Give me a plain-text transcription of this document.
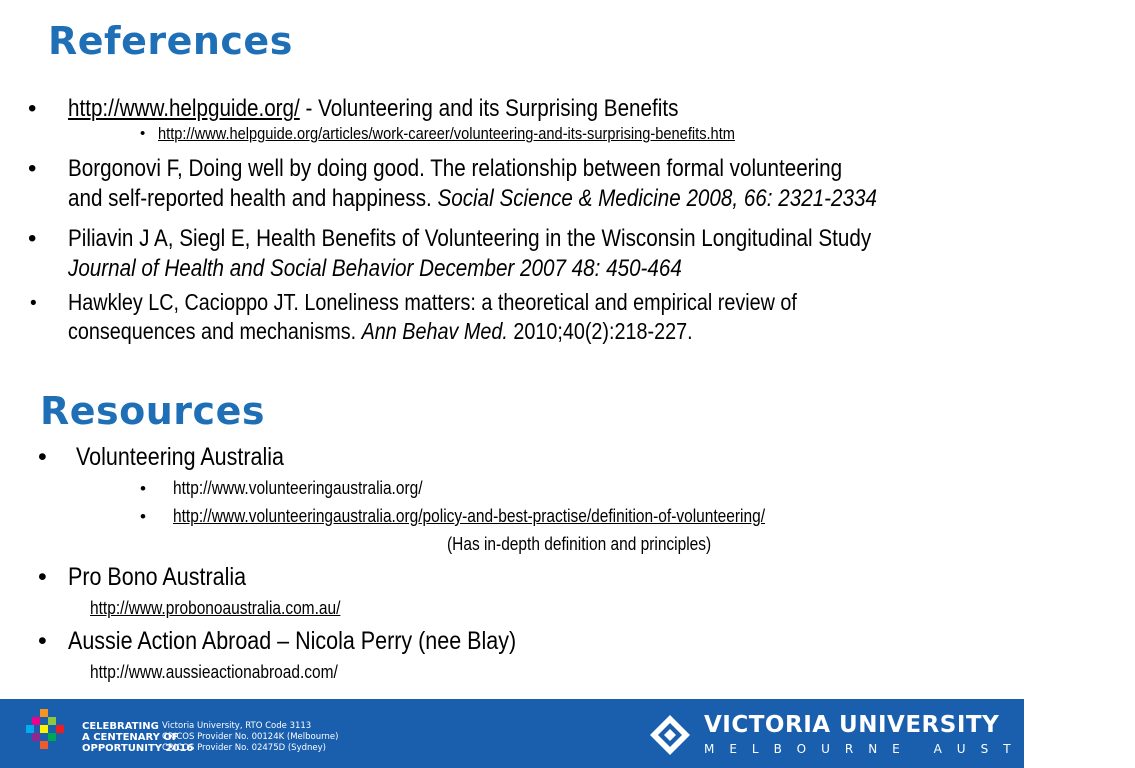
References
• http://www.helpguide.org/ - Volunteering and its Surprising Benefits
• http://www.helpguide.org/articles/work-career/volunteering-and-its-surprising-benefits.htm
• Borgonovi F, Doing well by doing good. The relationship between formal volunteering
and self-reported health and happiness. Social Science & Medicine 2008, 66: 2321-2334
• Piliavin J A, Siegl E, Health Benefits of Volunteering in the Wisconsin Longitudinal Study
Journal of Health and Social Behavior December 2007 48: 450-464
• Hawkley LC, Cacioppo JT. Loneliness matters: a theoretical and empirical review of
consequences and mechanisms. Ann Behav Med. 2010;40(2):218-227.
Resources
• Volunteering Australia
• http://www.volunteeringaustralia.org/
• http://www.volunteeringaustralia.org/policy-and-best-practise/definition-of-volunteering/
(Has in-depth definition and principles)
• Pro Bono Australia
http://www.probonoaustralia.com.au/
• Aussie Action Abroad – Nicola Perry (nee Blay)
http://www.aussieactionabroad.com/
CELEBRATING
A CENTENARY OF
OPPORTUNITY 2016
Victoria University, RTO Code 3113
CRICOS Provider No. 00124K (Melbourne)
CRICOS Provider No. 02475D (Sydney)
VICTORIA UNIVERSITY
MELBOURNE AUSTRALIA
